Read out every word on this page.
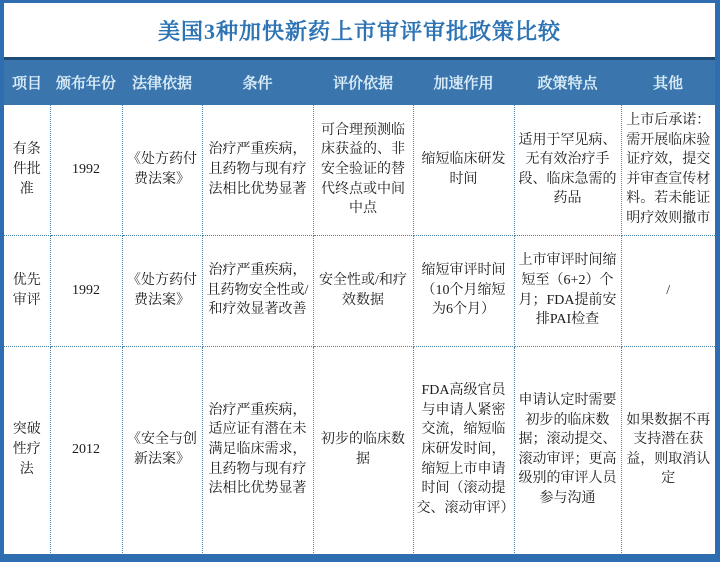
美国3种加快新药上市审评审批政策比较
项目	颁布年份	法律依据	条件	评价依据	加速作用	政策特点	其他
有条件批准	1992	《处方药付费法案》	治疗严重疾病，且药物与现有疗法相比优势显著	可合理预测临床获益的、非安全验证的替代终点或中间中点	缩短临床研发时间	适用于罕见病、无有效治疗手段、临床急需的药品	上市后承诺：需开展临床验证疗效，提交并审查宣传材料。若未能证明疗效则撤市
优先审评	1992	《处方药付费法案》	治疗严重疾病，且药物安全性或/和疗效显著改善	安全性或/和疗效数据	缩短审评时间（10个月缩短为6个月）	上市审评时间缩短至（6+2）个月；FDA提前安排PAI检查	/
突破性疗法	2012	《安全与创新法案》	治疗严重疾病，适应证有潜在未满足临床需求，且药物与现有疗法相比优势显著	初步的临床数据	FDA高级官员与申请人紧密交流，缩短临床研发时间，缩短上市申请时间（滚动提交、滚动审评）	申请认定时需要初步的临床数据；滚动提交、滚动审评；更高级别的审评人员参与沟通	如果数据不再支持潜在获益，则取消认定
